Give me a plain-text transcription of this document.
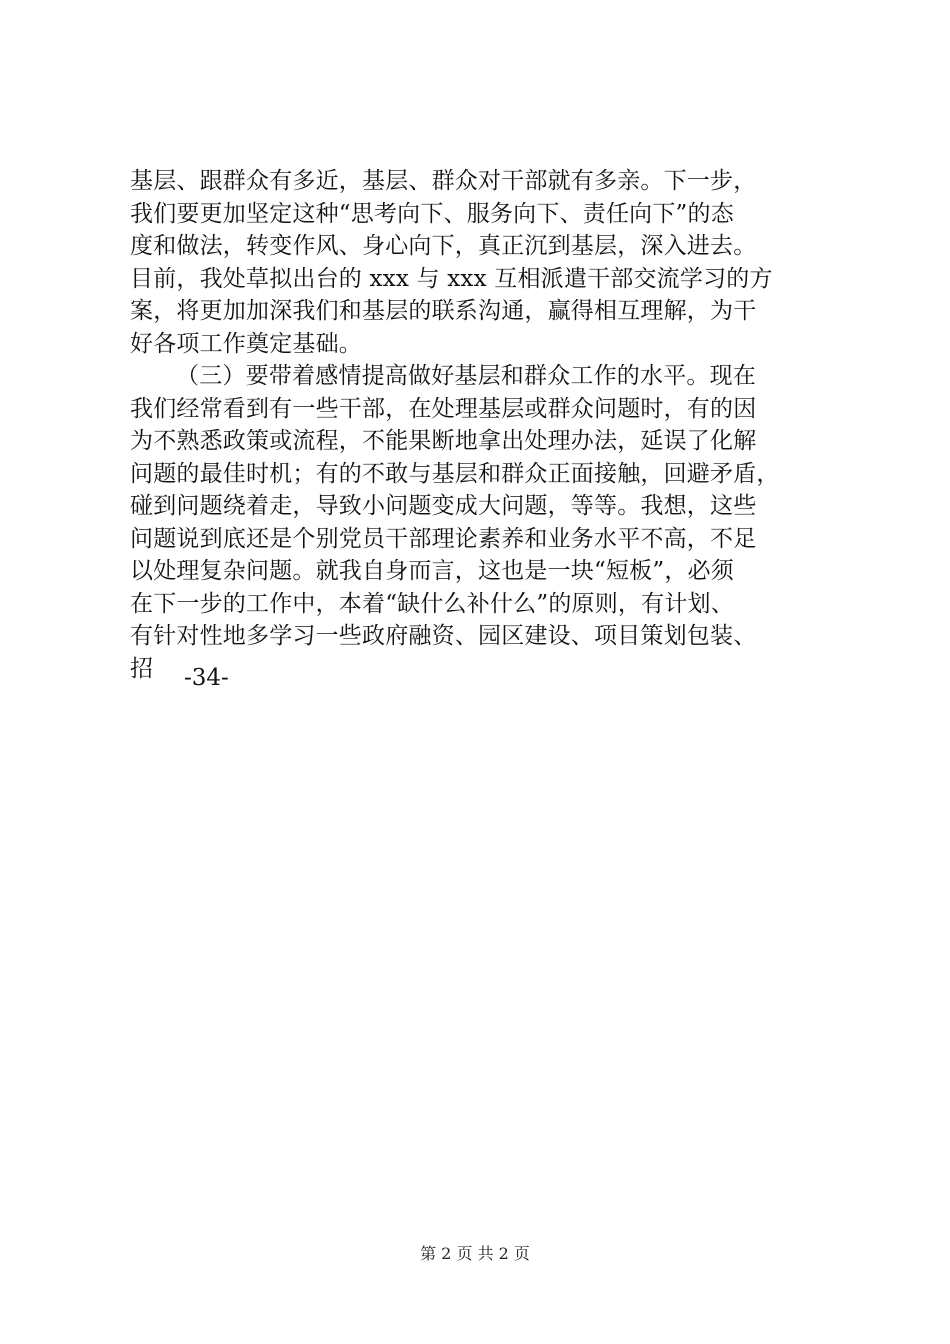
基层、跟群众有多近，基层、群众对干部就有多亲。下一步，
我们要更加坚定这种“思考向下、服务向下、责任向下”的态
度和做法，转变作风、身心向下，真正沉到基层，深入进去。
目前，我处草拟出台的 xxx 与 xxx 互相派遣干部交流学习的方
案，将更加加深我们和基层的联系沟通，赢得相互理解，为干
好各项工作奠定基础。
（三）要带着感情提高做好基层和群众工作的水平。现在
我们经常看到有一些干部，在处理基层或群众问题时，有的因
为不熟悉政策或流程，不能果断地拿出处理办法，延误了化解
问题的最佳时机；有的不敢与基层和群众正面接触，回避矛盾，
碰到问题绕着走，导致小问题变成大问题，等等。我想，这些
问题说到底还是个别党员干部理论素养和业务水平不高，不足
以处理复杂问题。就我自身而言，这也是一块“短板”，必须
在下一步的工作中，本着“缺什么补什么”的原则，有计划、
有针对性地多学习一些政府融资、园区建设、项目策划包装、
招	-34-
第 2 页 共 2 页
